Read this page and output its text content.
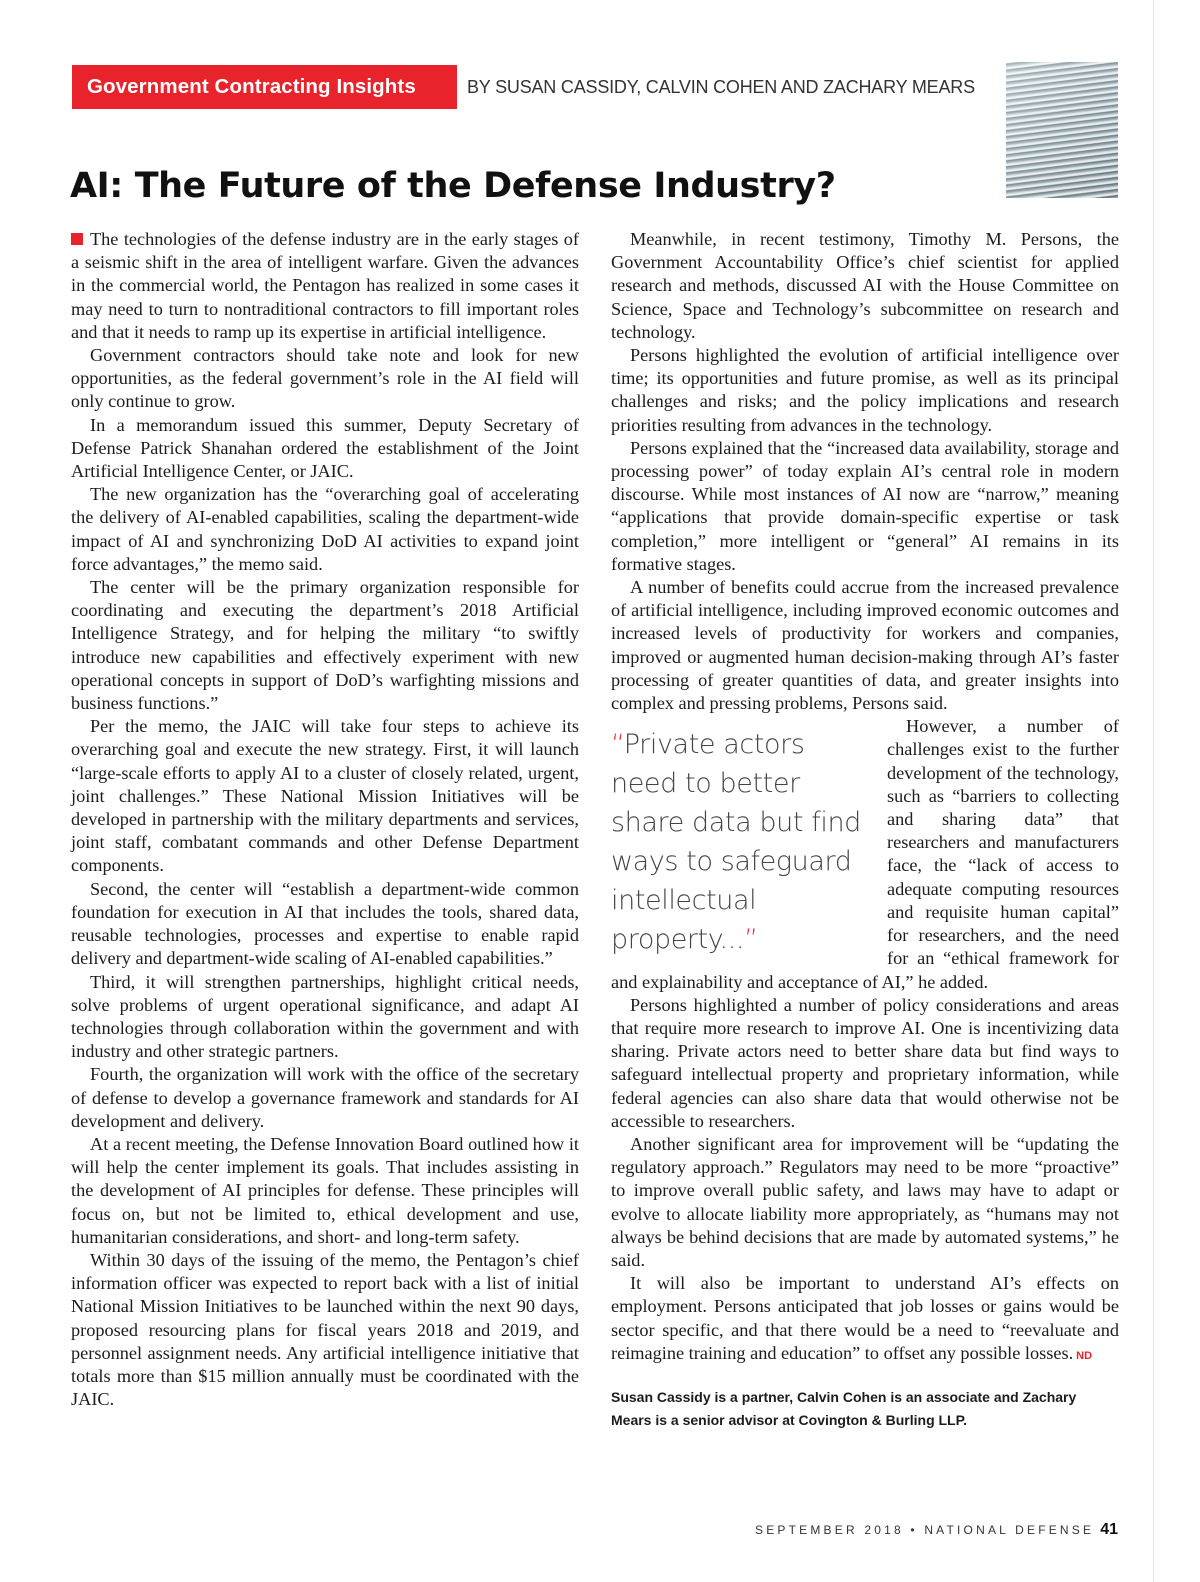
Government Contracting Insights	BY SUSAN CASSIDY, CALVIN COHEN AND ZACHARY MEARS
AI: The Future of the Defense Industry?

The technologies of the defense industry are in the early stages of a seismic shift in the area of intelligent warfare. Given the advances in the commercial world, the Pentagon has realized in some cases it may need to turn to nontraditional contractors to fill important roles and that it needs to ramp up its expertise in artificial intelligence.

Government contractors should take note and look for new opportunities, as the federal government’s role in the AI field will only continue to grow.

In a memorandum issued this summer, Deputy Secretary of Defense Patrick Shanahan ordered the establishment of the Joint Artificial Intelligence Center, or JAIC.

The new organization has the “overarching goal of accelerating the delivery of AI-enabled capabilities, scaling the department-wide impact of AI and synchronizing DoD AI activities to expand joint force advantages,” the memo said.

The center will be the primary organization responsible for coordinating and executing the department’s 2018 Artificial Intelligence Strategy, and for helping the military “to swiftly introduce new capabilities and effectively experiment with new operational concepts in support of DoD’s warfighting missions and business functions.”

Per the memo, the JAIC will take four steps to achieve its overarching goal and execute the new strategy. First, it will launch “large-scale efforts to apply AI to a cluster of closely related, urgent, joint challenges.” These National Mission Initiatives will be developed in partnership with the military departments and services, joint staff, combatant commands and other Defense Department components.

Second, the center will “establish a department-wide common foundation for execution in AI that includes the tools, shared data, reusable technologies, processes and expertise to enable rapid delivery and department-wide scaling of AI-enabled capabilities.”

Third, it will strengthen partnerships, highlight critical needs, solve problems of urgent operational significance, and adapt AI technologies through collaboration within the government and with industry and other strategic partners.

Fourth, the organization will work with the office of the secretary of defense to develop a governance framework and standards for AI development and delivery.

At a recent meeting, the Defense Innovation Board outlined how it will help the center implement its goals. That includes assisting in the development of AI principles for defense. These principles will focus on, but not be limited to, ethical development and use, humanitarian considerations, and short- and long-term safety.

Within 30 days of the issuing of the memo, the Pentagon’s chief information officer was expected to report back with a list of initial National Mission Initiatives to be launched within the next 90 days, proposed resourcing plans for fiscal years 2018 and 2019, and personnel assignment needs. Any artificial intelligence initiative that totals more than $15 million annually must be coordinated with the JAIC.

Meanwhile, in recent testimony, Timothy M. Persons, the Government Accountability Office’s chief scientist for applied research and methods, discussed AI with the House Committee on Science, Space and Technology’s subcommittee on research and technology.

Persons highlighted the evolution of artificial intelligence over time; its opportunities and future promise, as well as its principal challenges and risks; and the policy implications and research priorities resulting from advances in the technology.

Persons explained that the “increased data availability, storage and processing power” of today explain AI’s central role in modern discourse. While most instances of AI now are “narrow,” meaning “applications that provide domain-specific expertise or task completion,” more intelligent or “general” AI remains in its formative stages.

A number of benefits could accrue from the increased prevalence of artificial intelligence, including improved economic outcomes and increased levels of productivity for workers and companies, improved or augmented human decision-making through AI’s faster processing of greater quantities of data, and greater insights into complex and pressing problems, Persons said.

“Private actors need to better share data but find ways to safeguard intellectual property...”

However, a number of challenges exist to the further development of the technology, such as “barriers to collecting and sharing data” that researchers and manufacturers face, the “lack of access to adequate computing resources and requisite human capital” for researchers, and the need for an “ethical framework for and explainability and acceptance of AI,” he added.

Persons highlighted a number of policy considerations and areas that require more research to improve AI. One is incentivizing data sharing. Private actors need to better share data but find ways to safeguard intellectual property and proprietary information, while federal agencies can also share data that would otherwise not be accessible to researchers.

Another significant area for improvement will be “updating the regulatory approach.” Regulators may need to be more “proactive” to improve overall public safety, and laws may have to adapt or evolve to allocate liability more appropriately, as “humans may not always be behind decisions that are made by automated systems,” he said.

It will also be important to understand AI’s effects on employment. Persons anticipated that job losses or gains would be sector specific, and that there would be a need to “reevaluate and reimagine training and education” to offset any possible losses. ND

Susan Cassidy is a partner, Calvin Cohen is an associate and Zachary Mears is a senior advisor at Covington & Burling LLP.
SEPTEMBER 2018 • NATIONAL DEFENSE 41
